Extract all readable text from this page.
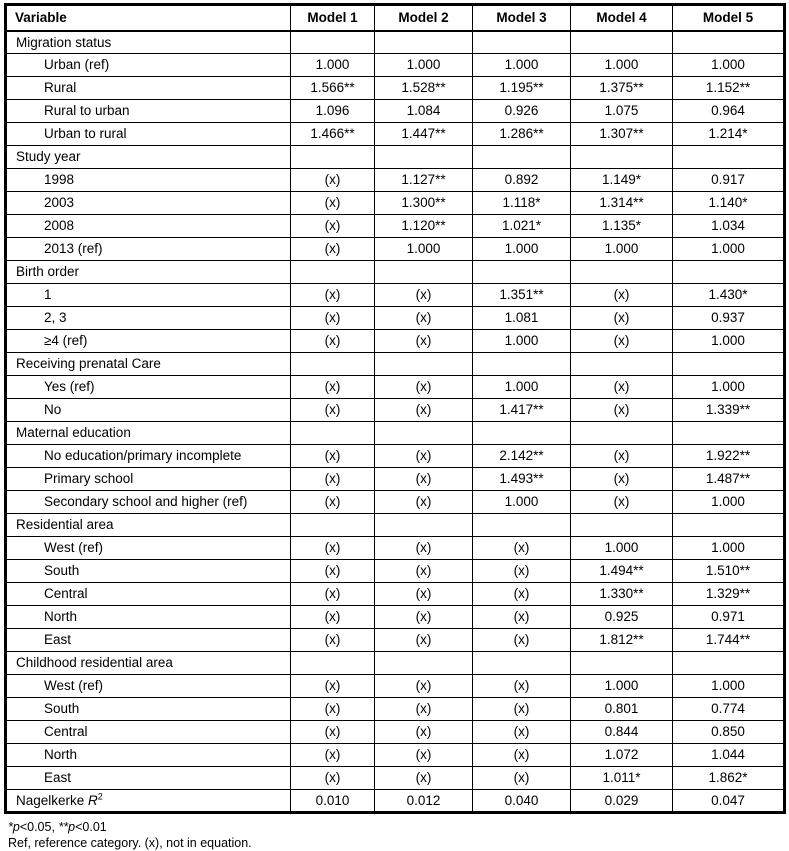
Variable	Model 1	Model 2	Model 3	Model 4	Model 5
Migration status					
Urban (ref)	1.000	1.000	1.000	1.000	1.000
Rural	1.566**	1.528**	1.195**	1.375**	1.152**
Rural to urban	1.096	1.084	0.926	1.075	0.964
Urban to rural	1.466**	1.447**	1.286**	1.307**	1.214*
Study year					
1998	(x)	1.127**	0.892	1.149*	0.917
2003	(x)	1.300**	1.118*	1.314**	1.140*
2008	(x)	1.120**	1.021*	1.135*	1.034
2013 (ref)	(x)	1.000	1.000	1.000	1.000
Birth order					
1	(x)	(x)	1.351**	(x)	1.430*
2, 3	(x)	(x)	1.081	(x)	0.937
≥4 (ref)	(x)	(x)	1.000	(x)	1.000
Receiving prenatal Care					
Yes (ref)	(x)	(x)	1.000	(x)	1.000
No	(x)	(x)	1.417**	(x)	1.339**
Maternal education					
No education/primary incomplete	(x)	(x)	2.142**	(x)	1.922**
Primary school	(x)	(x)	1.493**	(x)	1.487**
Secondary school and higher (ref)	(x)	(x)	1.000	(x)	1.000
Residential area					
West (ref)	(x)	(x)	(x)	1.000	1.000
South	(x)	(x)	(x)	1.494**	1.510**
Central	(x)	(x)	(x)	1.330**	1.329**
North	(x)	(x)	(x)	0.925	0.971
East	(x)	(x)	(x)	1.812**	1.744**
Childhood residential area					
West (ref)	(x)	(x)	(x)	1.000	1.000
South	(x)	(x)	(x)	0.801	0.774
Central	(x)	(x)	(x)	0.844	0.850
North	(x)	(x)	(x)	1.072	1.044
East	(x)	(x)	(x)	1.011*	1.862*
Nagelkerke $R^2$	0.010	0.012	0.040	0.029	0.047
*p<0.05, **p<0.01
Ref, reference category. (x), not in equation.
